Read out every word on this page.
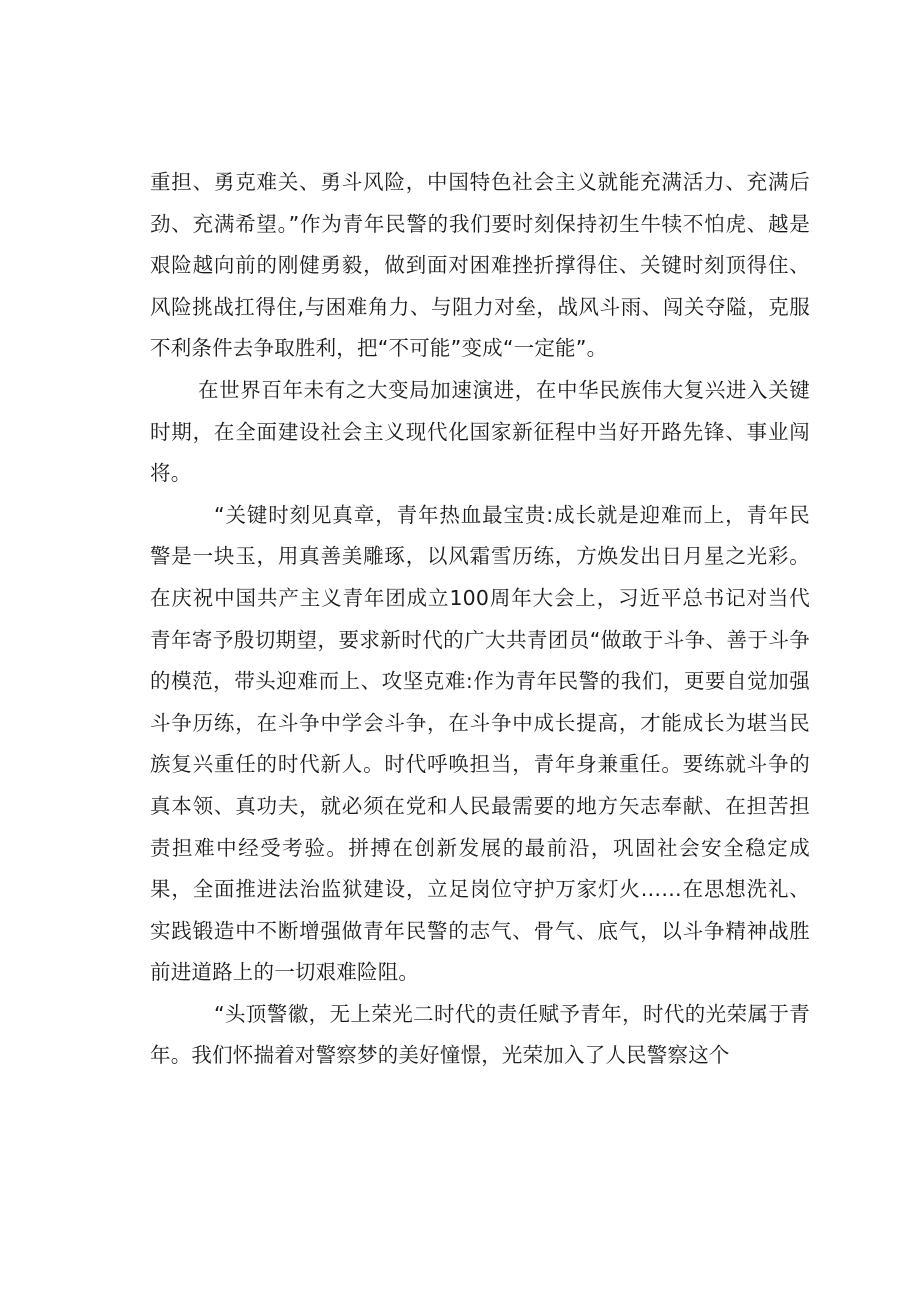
重担、勇克难关、勇斗风险，中国特色社会主义就能充满活力、充满后劲、充满希望。”作为青年民警的我们要时刻保持初生牛犊不怕虎、越是艰险越向前的刚健勇毅，做到面对困难挫折撑得住、关键时刻顶得住、风险挑战扛得住,与困难角力、与阻力对垒，战风斗雨、闯关夺隘，克服不利条件去争取胜利，把“不可能”变成“一定能”。

在世界百年未有之大变局加速演进，在中华民族伟大复兴进入关键时期，在全面建设社会主义现代化国家新征程中当好开路先锋、事业闯将。

“关键时刻见真章，青年热血最宝贵:成长就是迎难而上，青年民警是一块玉，用真善美雕琢，以风霜雪历练，方焕发出日月星之光彩。在庆祝中国共产主义青年团成立100周年大会上，习近平总书记对当代青年寄予殷切期望，要求新时代的广大共青团员“做敢于斗争、善于斗争的模范，带头迎难而上、攻坚克难:作为青年民警的我们，更要自觉加强斗争历练，在斗争中学会斗争，在斗争中成长提高，才能成长为堪当民族复兴重任的时代新人。时代呼唤担当，青年身兼重任。要练就斗争的真本领、真功夫，就必须在党和人民最需要的地方矢志奉献、在担苦担责担难中经受考验。拼搏在创新发展的最前沿，巩固社会安全稳定成果，全面推进法治监狱建设，立足岗位守护万家灯火……在思想洗礼、实践锻造中不断增强做青年民警的志气、骨气、底气，以斗争精神战胜前进道路上的一切艰难险阻。

“头顶警徽，无上荣光二时代的责任赋予青年，时代的光荣属于青年。我们怀揣着对警察梦的美好憧憬，光荣加入了人民警察这个
